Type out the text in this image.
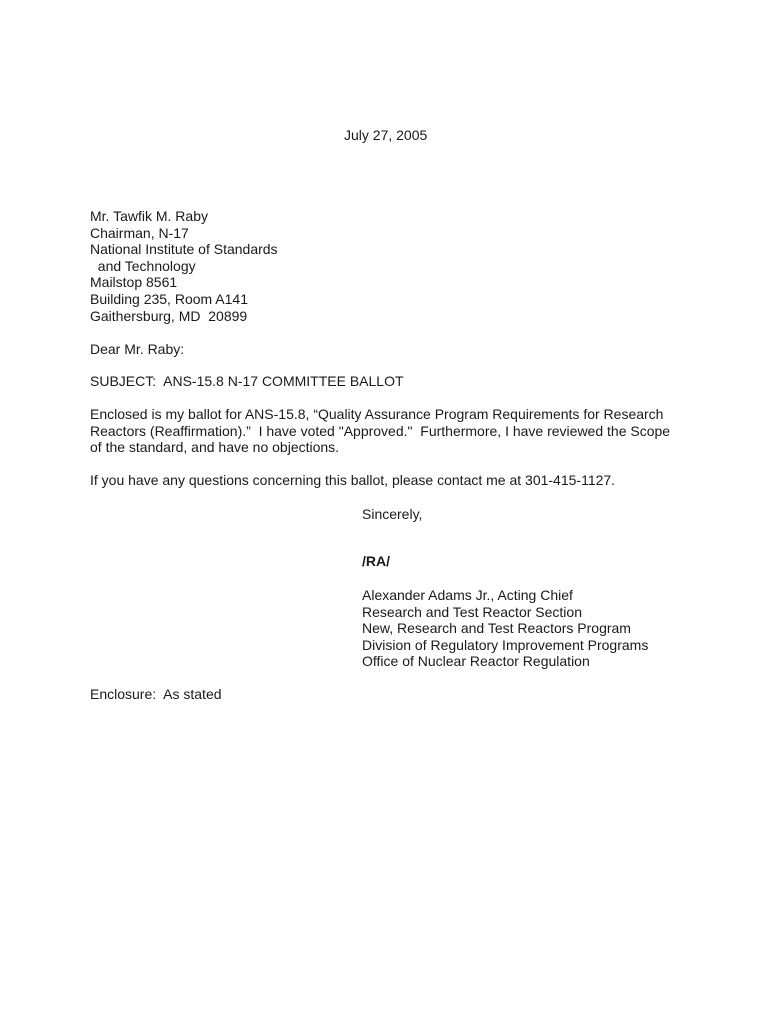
July 27, 2005

Mr. Tawfik M. Raby
Chairman, N-17
National Institute of Standards
and Technology
Mailstop 8561
Building 235, Room A141
Gaithersburg, MD  20899

Dear Mr. Raby:

SUBJECT:  ANS-15.8 N-17 COMMITTEE BALLOT

Enclosed is my ballot for ANS-15.8, “Quality Assurance Program Requirements for Research
Reactors (Reaffirmation).”  I have voted "Approved."  Furthermore, I have reviewed the Scope
of the standard, and have no objections.

If you have any questions concerning this ballot, please contact me at 301-415-1127.

Sincerely,

/RA/

Alexander Adams Jr., Acting Chief
Research and Test Reactor Section
New, Research and Test Reactors Program
Division of Regulatory Improvement Programs
Office of Nuclear Reactor Regulation

Enclosure:  As stated
